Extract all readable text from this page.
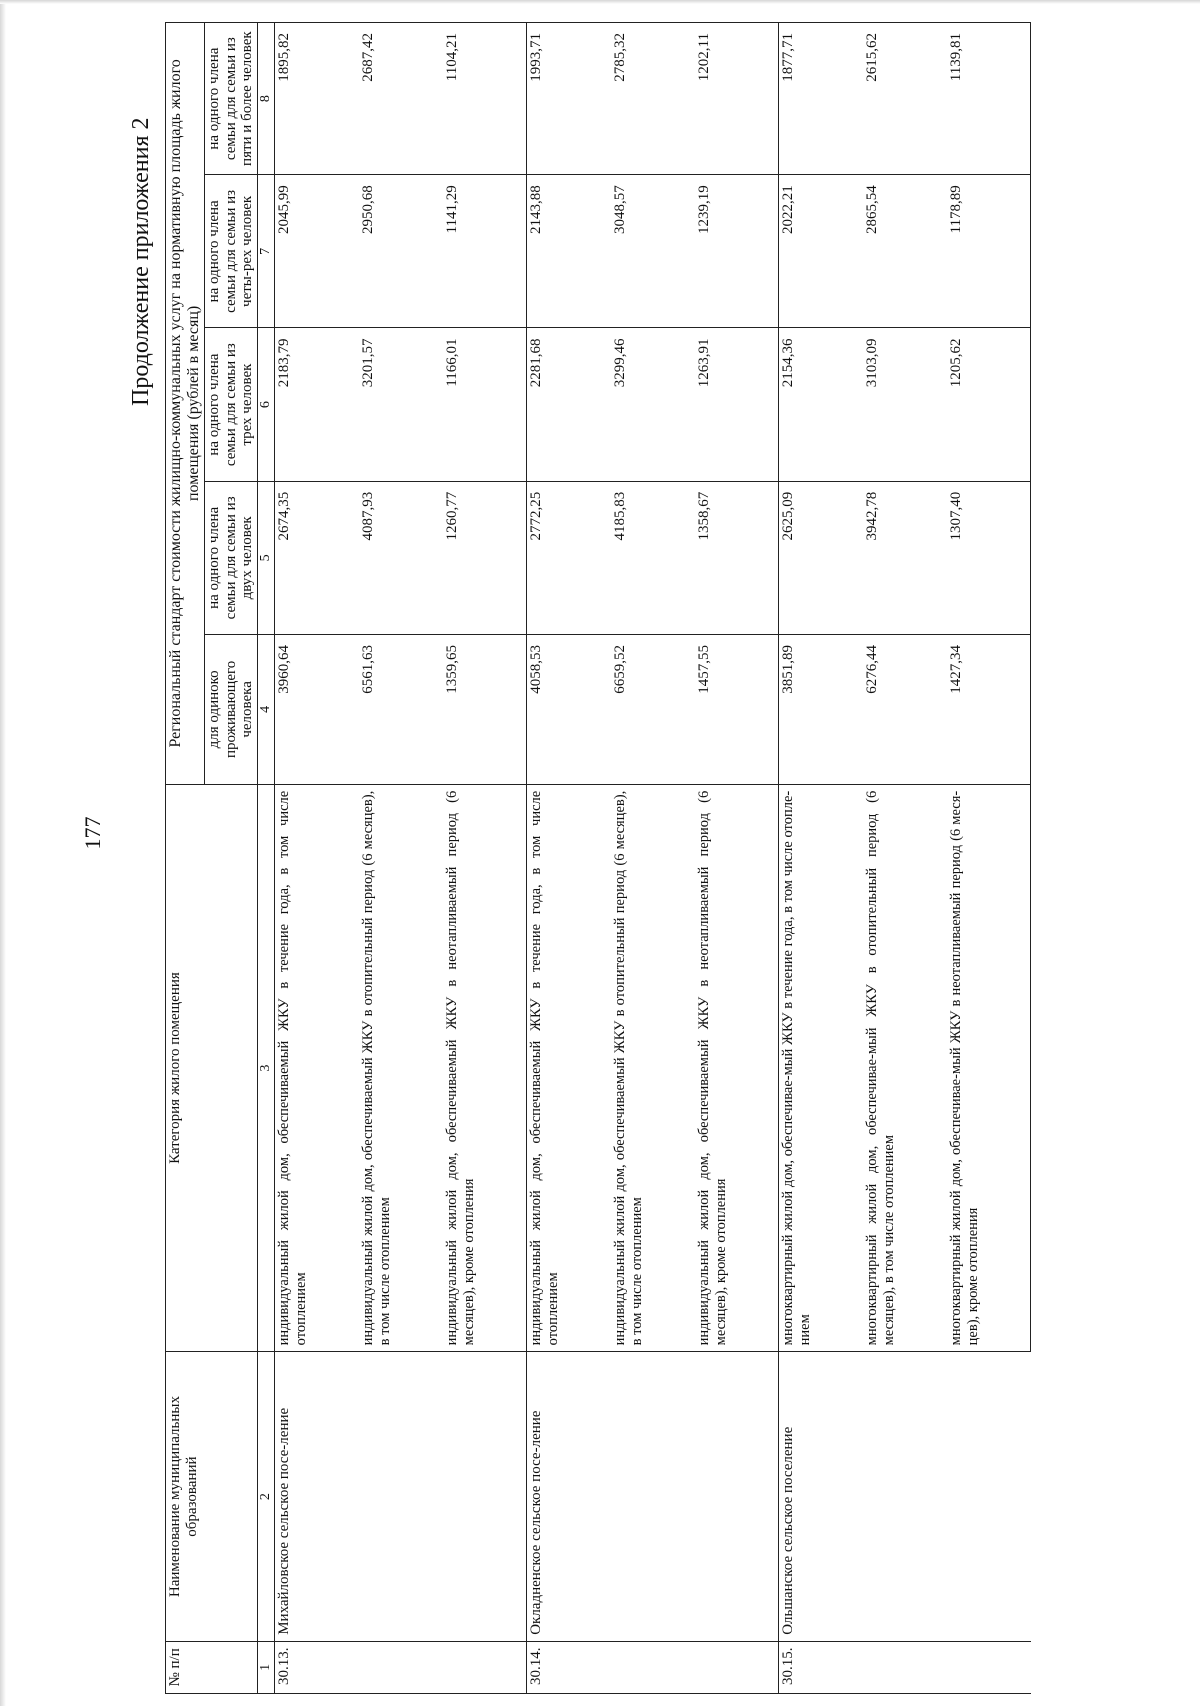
177
Продолжение приложения 2
№ п/п	Наименование муниципальных образований	Категория жилого помещения	Региональный стандарт стоимости жилищно-коммунальных услуг на нормативную площадь жилого помещения (рублей в месяц)				
			для одиноко проживающего человека	на одного члена семьи для семьи из двух человек	на одного члена семьи для семьи из трех человек	на одного члена семьи для семьи из четы-рех человек	на одного члена семьи для семьи из пяти и более человек
1	2	3	4	5	6	7	8
30.13.	Михайловское сельское посе-ление	индивидуальный жилой дом, обеспечиваемый ЖКУ в течение года, в том числе отоплением	3960,64	2674,35	2183,79	2045,99	1895,82
		индивидуальный жилой дом, обеспечиваемый ЖКУ в отопительный период (6 месяцев), в том числе отоплением	6561,63	4087,93	3201,57	2950,68	2687,42
		индивидуальный жилой дом, обеспечиваемый ЖКУ в неотапливаемый период (6 месяцев), кроме отопления	1359,65	1260,77	1166,01	1141,29	1104,21
30.14.	Окладненское сельское посе-ление	индивидуальный жилой дом, обеспечиваемый ЖКУ в течение года, в том числе отоплением	4058,53	2772,25	2281,68	2143,88	1993,71
		индивидуальный жилой дом, обеспечиваемый ЖКУ в отопительный период (6 месяцев), в том числе отоплением	6659,52	4185,83	3299,46	3048,57	2785,32
		индивидуальный жилой дом, обеспечиваемый ЖКУ в неотапливаемый период (6 месяцев), кроме отопления	1457,55	1358,67	1263,91	1239,19	1202,11
30.15.	Ольшанское сельское поселение	многоквартирный жилой дом, обеспечивае-мый ЖКУ в течение года, в том числе отопле-нием	3851,89	2625,09	2154,36	2022,21	1877,71
		многоквартирный жилой дом, обеспечивае-мый ЖКУ в отопительный период (6 месяцев), в том числе отоплением	6276,44	3942,78	3103,09	2865,54	2615,62
		многоквартирный жилой дом, обеспечивае-мый ЖКУ в неотапливаемый период (6 меся-цев), кроме отопления	1427,34	1307,40	1205,62	1178,89	1139,81
